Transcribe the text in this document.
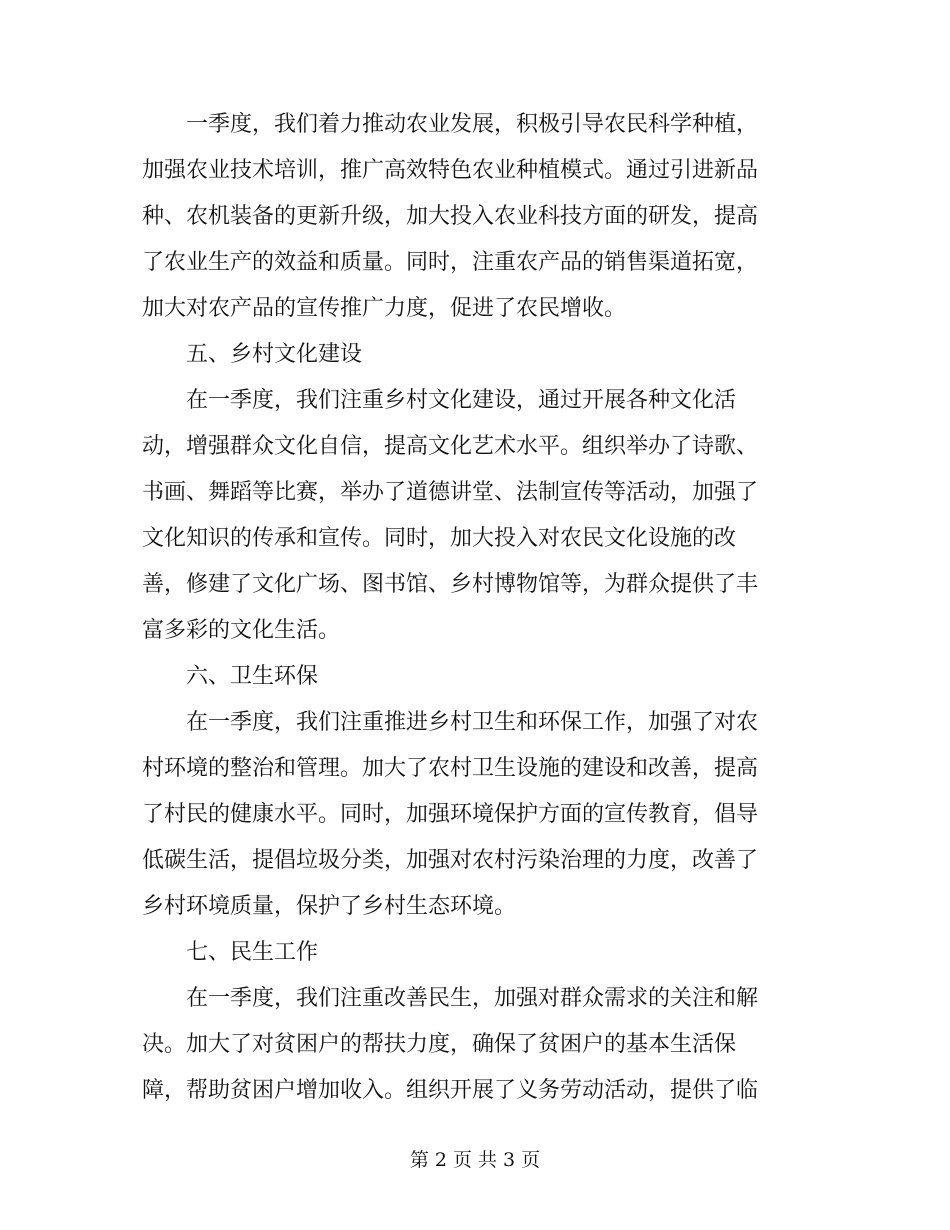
一季度，我们着力推动农业发展，积极引导农民科学种植，
加强农业技术培训，推广高效特色农业种植模式。通过引进新品
种、农机装备的更新升级，加大投入农业科技方面的研发，提高
了农业生产的效益和质量。同时，注重农产品的销售渠道拓宽，
加大对农产品的宣传推广力度，促进了农民增收。
五、乡村文化建设
在一季度，我们注重乡村文化建设，通过开展各种文化活
动，增强群众文化自信，提高文化艺术水平。组织举办了诗歌、
书画、舞蹈等比赛，举办了道德讲堂、法制宣传等活动，加强了
文化知识的传承和宣传。同时，加大投入对农民文化设施的改
善，修建了文化广场、图书馆、乡村博物馆等，为群众提供了丰
富多彩的文化生活。
六、卫生环保
在一季度，我们注重推进乡村卫生和环保工作，加强了对农
村环境的整治和管理。加大了农村卫生设施的建设和改善，提高
了村民的健康水平。同时，加强环境保护方面的宣传教育，倡导
低碳生活，提倡垃圾分类，加强对农村污染治理的力度，改善了
乡村环境质量，保护了乡村生态环境。
七、民生工作
在一季度，我们注重改善民生，加强对群众需求的关注和解
决。加大了对贫困户的帮扶力度，确保了贫困户的基本生活保
障，帮助贫困户增加收入。组织开展了义务劳动活动，提供了临
第 2 页 共 3 页
